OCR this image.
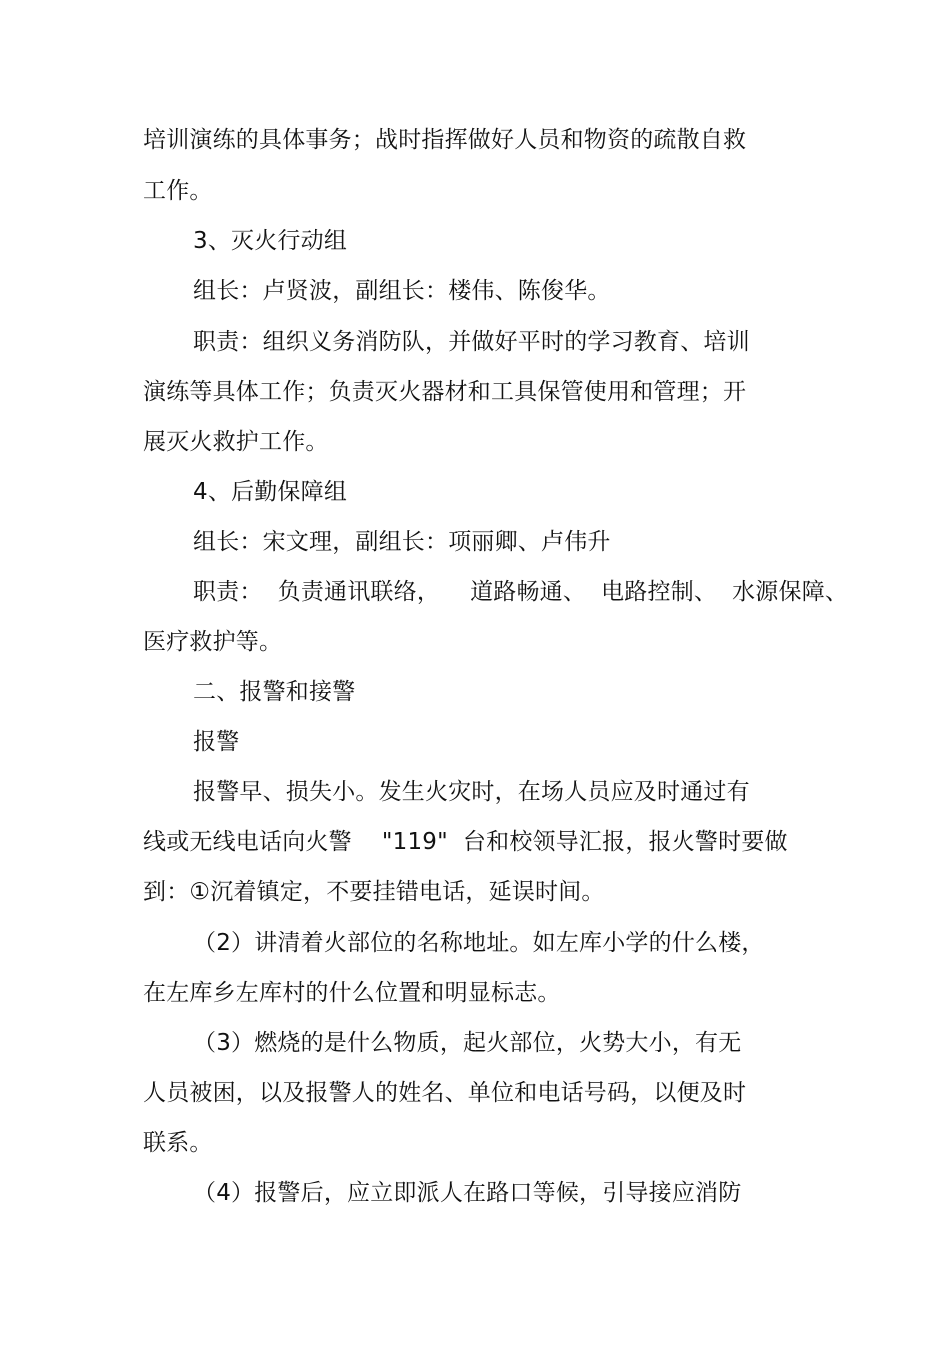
培训演练的具体事务；战时指挥做好人员和物资的疏散自救
工作。
3、灭火行动组
组长：卢贤波，副组长：楼伟、陈俊华。
职责：组织义务消防队，并做好平时的学习教育、培训
演练等具体工作；负责灭火器材和工具保管使用和管理；开
展灭火救护工作。
4、后勤保障组
组长：宋文理，副组长：项丽卿、卢伟升
职责：  负责通讯联络，    道路畅通、  电路控制、  水源保障、
医疗救护等。
二、报警和接警
报警
报警早、损失小。发生火灾时，在场人员应及时通过有
线或无线电话向火警    "119"  台和校领导汇报，报火警时要做
到：①沉着镇定，不要挂错电话，延误时间。
（2）讲清着火部位的名称地址。如左库小学的什么楼，
在左库乡左库村的什么位置和明显标志。
（3）燃烧的是什么物质，起火部位，火势大小，有无
人员被困，以及报警人的姓名、单位和电话号码，以便及时
联系。
（4）报警后，应立即派人在路口等候，引导接应消防
